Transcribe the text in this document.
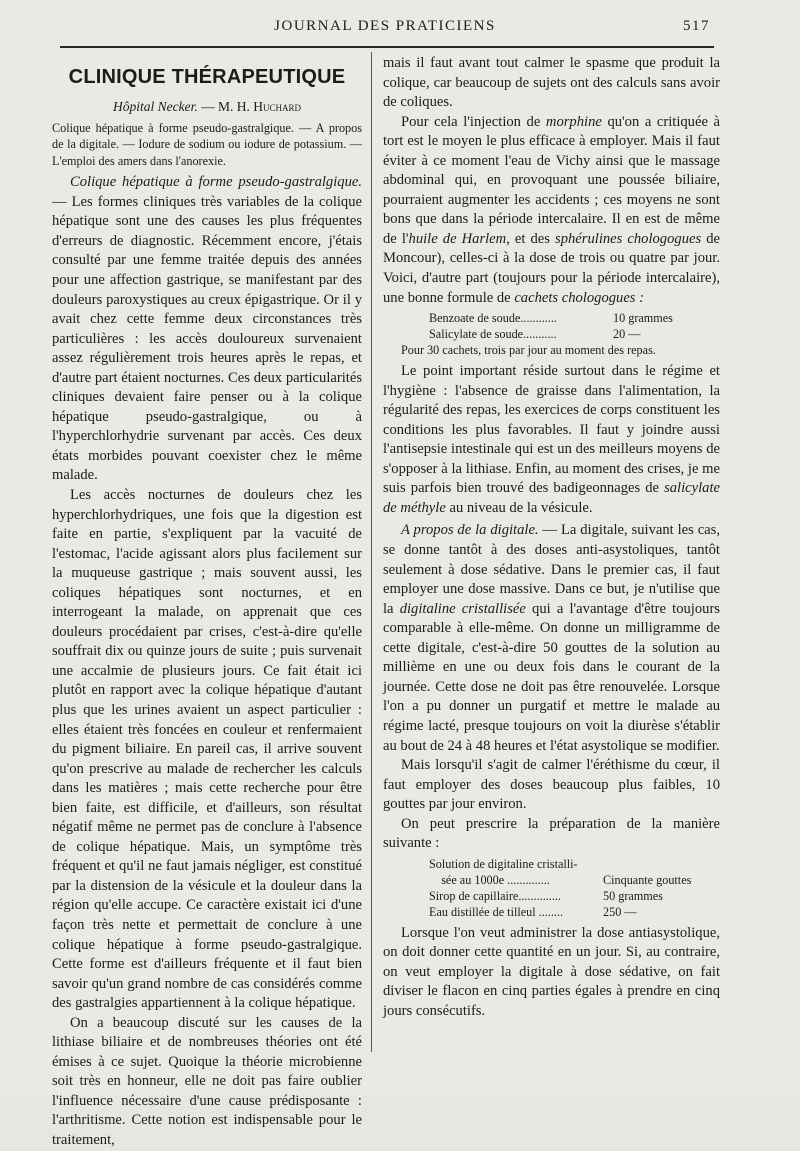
JOURNAL DES PRATICIENS	517
CLINIQUE THÉRAPEUTIQUE
Hôpital Necker. — M. H. Huchard
Colique hépatique à forme pseudo-gastralgique. — A propos de la digitale. — Iodure de sodium ou iodure de potassium. — L'emploi des amers dans l'anorexie.

Colique hépatique à forme pseudo-gastralgique.— Les formes cliniques très variables de la colique hépatique sont une des causes les plus fréquentes d'erreurs de diagnostic. Récemment encore, j'étais consulté par une femme traitée depuis des années pour une affection gastrique, se manifestant par des douleurs paroxystiques au creux épigastrique. Or il y avait chez cette femme deux circonstances très particulières : les accès douloureux survenaient assez régulièrement trois heures après le repas, et d'autre part étaient nocturnes. Ces deux particularités cliniques devaient faire penser ou à la colique hépatique pseudo-gastralgique, ou à l'hyperchlorhydrie survenant par accès. Ces deux états morbides pouvant coexister chez le même malade.

Les accès nocturnes de douleurs chez les hyperchlorhydriques, une fois que la digestion est faite en partie, s'expliquent par la vacuité de l'estomac, l'acide agissant alors plus facilement sur la muqueuse gastrique ; mais souvent aussi, les coliques hépatiques sont nocturnes, et en interrogeant la malade, on apprenait que ces douleurs procédaient par crises, c'est-à-dire qu'elle souffrait dix ou quinze jours de suite ; puis survenait une accalmie de plusieurs jours. Ce fait était ici plutôt en rapport avec la colique hépatique d'autant plus que les urines avaient un aspect particulier : elles étaient très foncées en couleur et renfermaient du pigment biliaire. En pareil cas, il arrive souvent qu'on prescrive au malade de rechercher les calculs dans les matières ; mais cette recherche pour être bien faite, est difficile, et d'ailleurs, son résultat négatif même ne permet pas de conclure à l'absence de colique hépatique. Mais, un symptôme très fréquent et qu'il ne faut jamais négliger, est constitué par la distension de la vésicule et la douleur dans la région qu'elle accupe. Ce caractère existait ici d'une façon très nette et permettait de conclure à une colique hépatique à forme pseudo-gastralgique. Cette forme est d'ailleurs fréquente et il faut bien savoir qu'un grand nombre de cas considérés comme des gastralgies appartiennent à la colique hépatique.

On a beaucoup discuté sur les causes de la lithiase biliaire et de nombreuses théories ont été émises à ce sujet. Quoique la théorie microbienne soit très en honneur, elle ne doit pas faire oublier l'influence nécessaire d'une cause prédisposante : l'arthritisme. Cette notion est indispensable pour le traitement,

mais il faut avant tout calmer le spasme que produit la colique, car beaucoup de sujets ont des calculs sans avoir de coliques.

Pour cela l'injection de morphine qu'on a critiquée à tort est le moyen le plus efficace à employer. Mais il faut éviter à ce moment l'eau de Vichy ainsi que le massage abdominal qui, en provoquant une poussée biliaire, pourraient augmenter les accidents ; ces moyens ne sont bons que dans la période intercalaire. Il en est de même de l'huile de Harlem, et des sphérulines chologogues de Moncour), celles-ci à la dose de trois ou quatre par jour. Voici, d'autre part (toujours pour la période intercalaire), une bonne formule de cachets chologogues :

Benzoate de soude............	10 grammes
Salicylate de soude...........	20 —
Pour 30 cachets, trois par jour au moment des repas.

Le point important réside surtout dans le régime et l'hygiène : l'absence de graisse dans l'alimentation, la régularité des repas, les exercices de corps constituent les conditions les plus favorables. Il faut y joindre aussi l'antisepsie intestinale qui est un des meilleurs moyens de s'opposer à la lithiase. Enfin, au moment des crises, je me suis parfois bien trouvé des badigeonnages de salicylate de méthyle au niveau de la vésicule.

A propos de la digitale. — La digitale, suivant les cas, se donne tantôt à des doses anti-asystoliques, tantôt seulement à dose sédative. Dans le premier cas, il faut employer une dose massive. Dans ce but, je n'utilise que la digitaline cristallisée qui a l'avantage d'être toujours comparable à elle-même. On donne un milligramme de cette digitale, c'est-à-dire 50 gouttes de la solution au millième en une ou deux fois dans le courant de la journée. Cette dose ne doit pas être renouvelée. Lorsque l'on a pu donner un purgatif et mettre le malade au régime lacté, presque toujours on voit la diurèse s'établir au bout de 24 à 48 heures et l'état asystolique se modifier.

Mais lorsqu'il s'agit de calmer l'éréthisme du cœur, il faut employer des doses beaucoup plus faibles, 10 gouttes par jour environ.

On peut prescrire la préparation de la manière suivante :

Solution de digitaline cristalli-
sée au 1000e ..............	Cinquante gouttes
Sirop de capillaire..............	50 grammes
Eau distillée de tilleul ........	250 —

Lorsque l'on veut administrer la dose antiasystolique, on doit donner cette quantité en un jour. Si, au contraire, on veut employer la digitale à dose sédative, on fait diviser le flacon en cinq parties égales à prendre en cinq jours consécutifs.
